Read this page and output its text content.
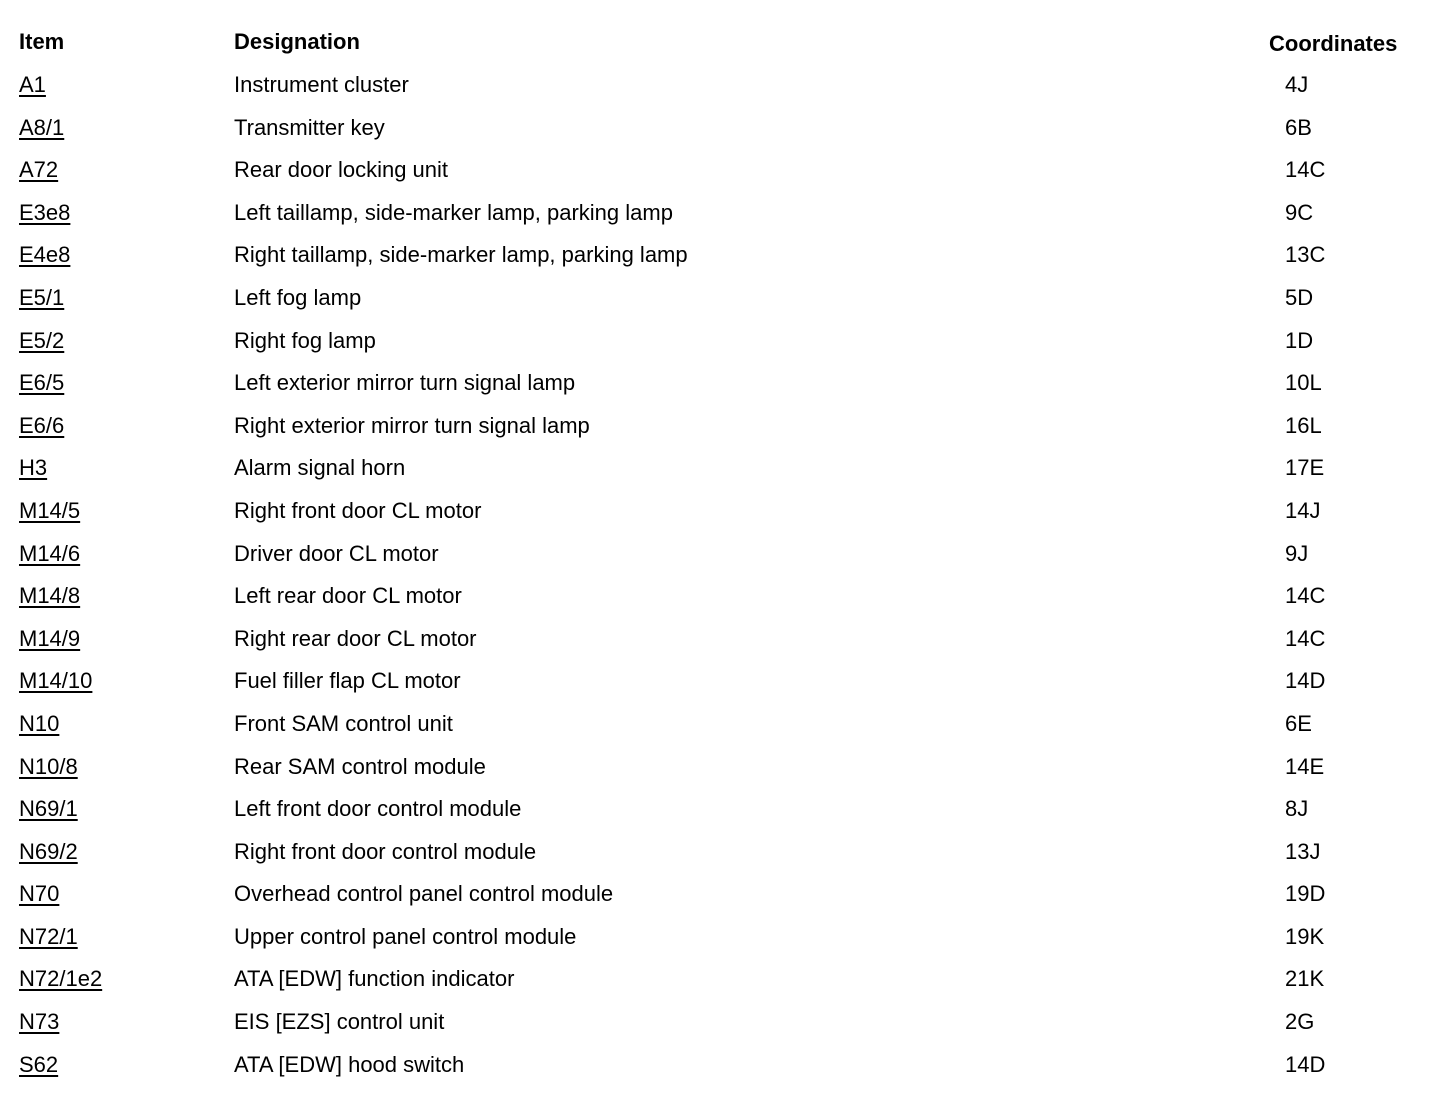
Item	Designation	Coordinates
A1	Instrument cluster	4J
A8/1	Transmitter key	6B
A72	Rear door locking unit	14C
E3e8	Left taillamp, side-marker lamp, parking lamp	9C
E4e8	Right taillamp, side-marker lamp, parking lamp	13C
E5/1	Left fog lamp	5D
E5/2	Right fog lamp	1D
E6/5	Left exterior mirror turn signal lamp	10L
E6/6	Right exterior mirror turn signal lamp	16L
H3	Alarm signal horn	17E
M14/5	Right front door CL motor	14J
M14/6	Driver door CL motor	9J
M14/8	Left rear door CL motor	14C
M14/9	Right rear door CL motor	14C
M14/10	Fuel filler flap CL motor	14D
N10	Front SAM control unit	6E
N10/8	Rear SAM control module	14E
N69/1	Left front door control module	8J
N69/2	Right front door control module	13J
N70	Overhead control panel control module	19D
N72/1	Upper control panel control module	19K
N72/1e2	ATA [EDW] function indicator	21K
N73	EIS [EZS] control unit	2G
S62	ATA [EDW] hood switch	14D
